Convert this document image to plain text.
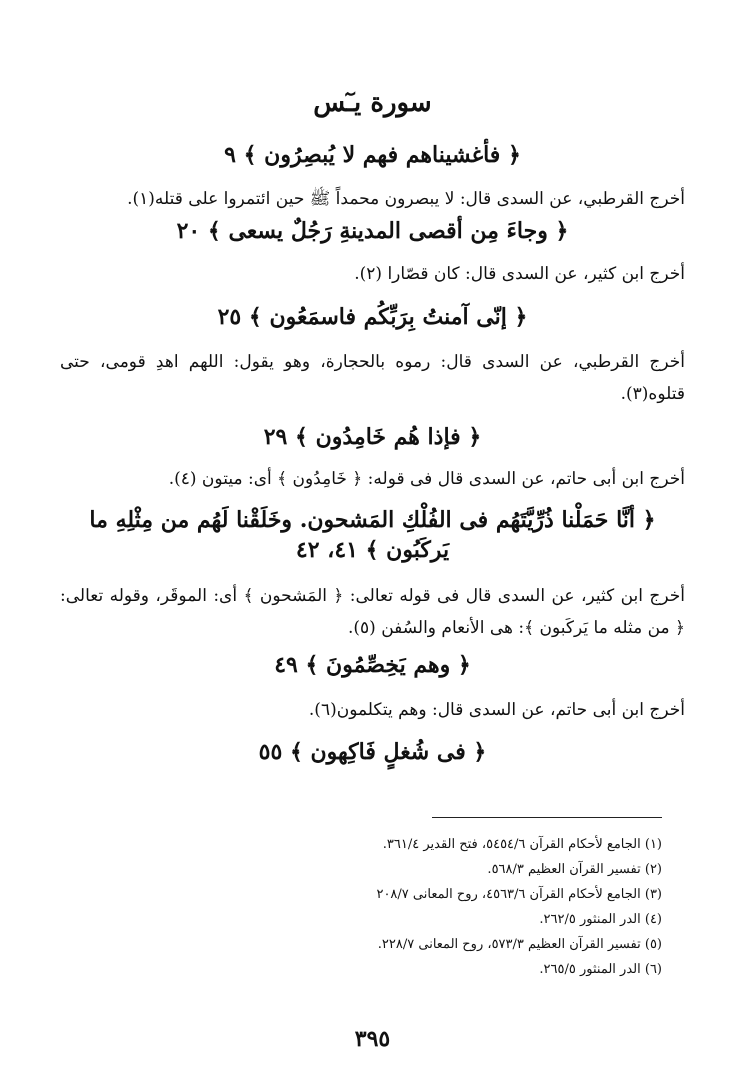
سورة يـٓس
﴿ فأغشيناهم فهم لا يُبصِرُون ﴾ ٩
أخرج القرطبي، عن السدى قال: لا يبصرون محمداً ﷺ حين ائتمروا على قتله(١).
﴿ وجاءَ مِن أقصى المدينةِ رَجُلٌ يسعى ﴾ ٢٠
أخرج ابن كثير، عن السدى قال: كان قصّارا (٢).
﴿ إنّى آمنتُ بِرَبِّكُم فاسمَعُون ﴾ ٢٥
أخرج القرطبي، عن السدى قال: رموه بالحجارة، وهو يقول: اللهم اهدِ قومى، حتى قتلوه(٣).
﴿ فإذا هُم خَامِدُون ﴾ ٢٩
أخرج ابن أبى حاتم، عن السدى قال فى قوله: ﴿ خَامِدُون ﴾ أى: ميتون (٤).
﴿ أنَّا حَمَلْنا ذُرِّيَّتَهُم فى الفُلْكِ المَشحون. وخَلَقْنا لَهُم من مِثْلِهِ ما يَركَبُون ﴾ ٤١، ٤٢
أخرج ابن كثير، عن السدى قال فى قوله تعالى: ﴿ المَشحون ﴾ أى: الموقَر، وقوله تعالى: ﴿ من مثله ما يَركَبون ﴾: هى الأنعام والسُفن (٥).
﴿ وهم يَخِصِّمُونَ ﴾ ٤٩
أخرج ابن أبى حاتم، عن السدى قال: وهم يتكلمون(٦).
﴿ فى شُغلٍ فَاكِهون ﴾ ٥٥
(١) الجامع لأحكام القرآن ٥٤٥٤/٦، فتح القدير ٣٦١/٤.
(٢) تفسير القرآن العظيم ٥٦٨/٣.
(٣) الجامع لأحكام القرآن ٤٥٦٣/٦، روح المعانى ٢٠٨/٧
(٤) الدر المنثور ٢٦٢/٥.
(٥) تفسير القرآن العظيم ٥٧٣/٣، روح المعانى ٢٢٨/٧.
(٦) الدر المنثور ٢٦٥/٥.
٣٩٥
